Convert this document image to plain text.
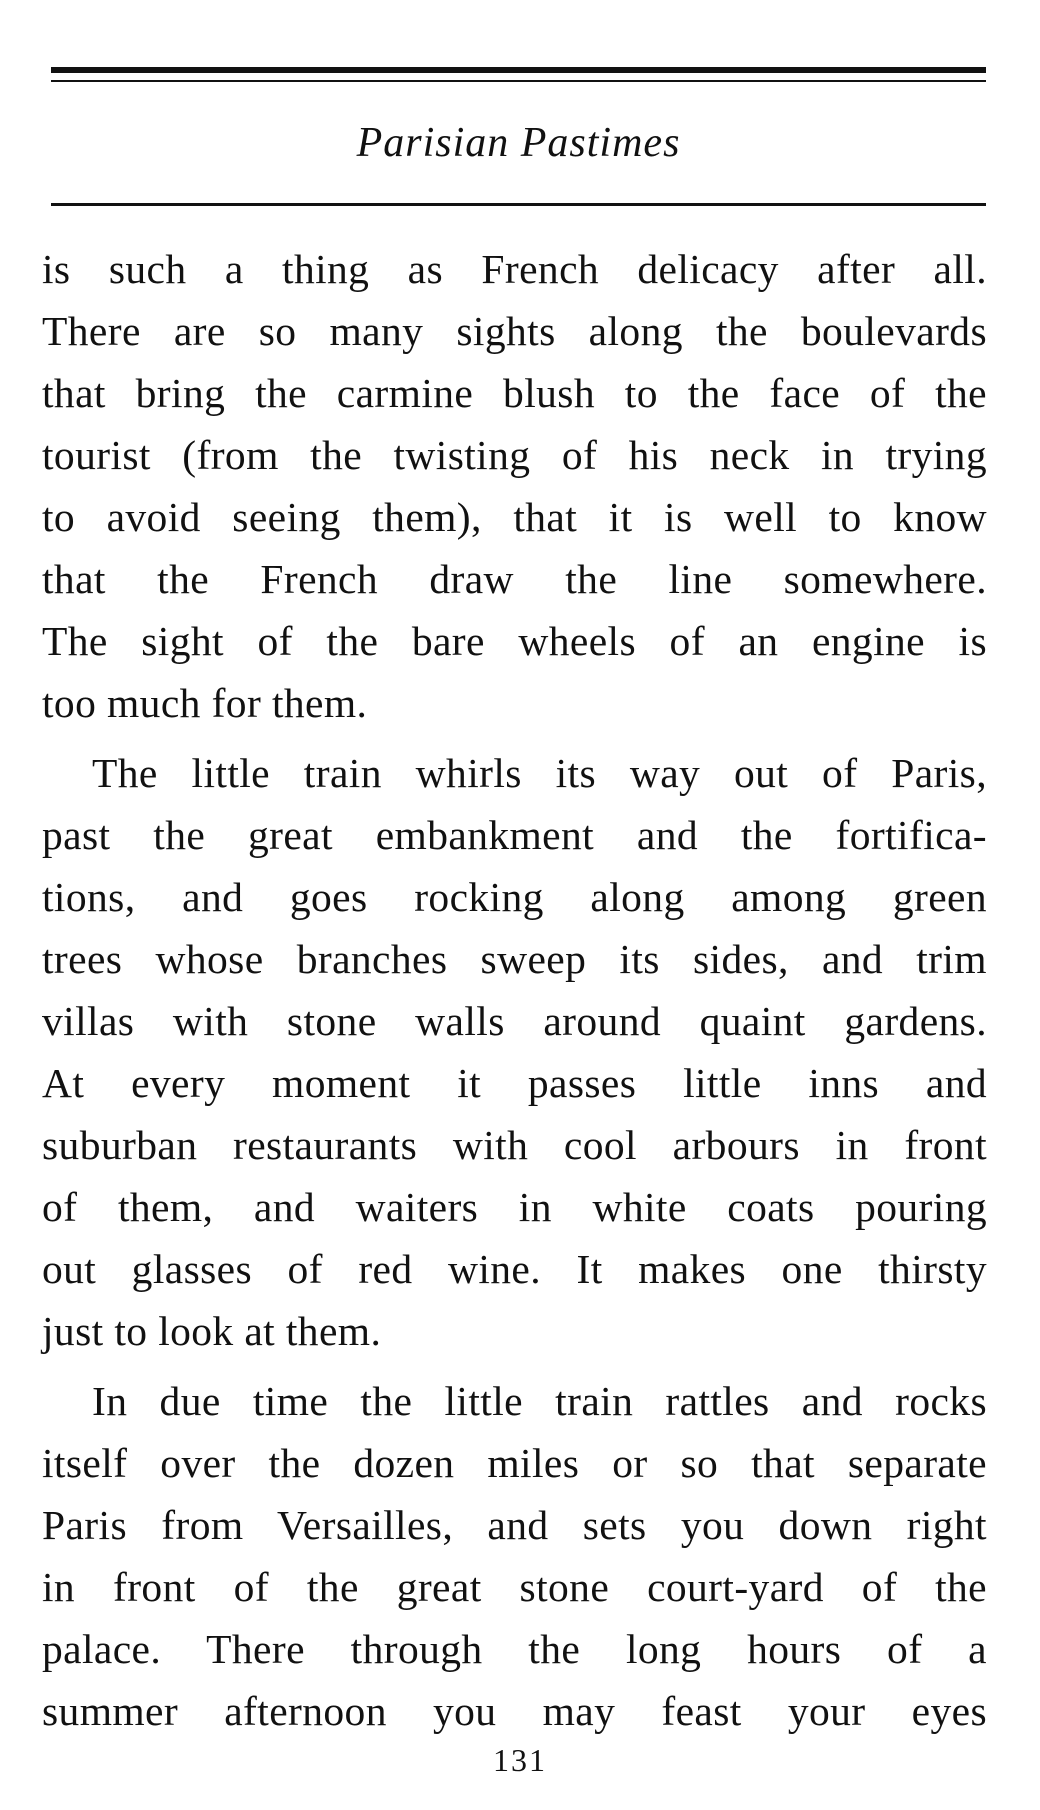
Parisian Pastimes

is such a thing as French delicacy after all.
There are so many sights along the boulevards
that bring the carmine blush to the face of the
tourist (from the twisting of his neck in trying
to avoid seeing them), that it is well to know
that the French draw the line somewhere.
The sight of the bare wheels of an engine is
too much for them.

The little train whirls its way out of Paris,
past the great embankment and the fortifica-
tions, and goes rocking along among green
trees whose branches sweep its sides, and trim
villas with stone walls around quaint gardens.
At every moment it passes little inns and
suburban restaurants with cool arbours in front
of them, and waiters in white coats pouring
out glasses of red wine. It makes one thirsty
just to look at them.

In due time the little train rattles and rocks
itself over the dozen miles or so that separate
Paris from Versailles, and sets you down right
in front of the great stone court-yard of the
palace. There through the long hours of a
summer afternoon you may feast your eyes

131
